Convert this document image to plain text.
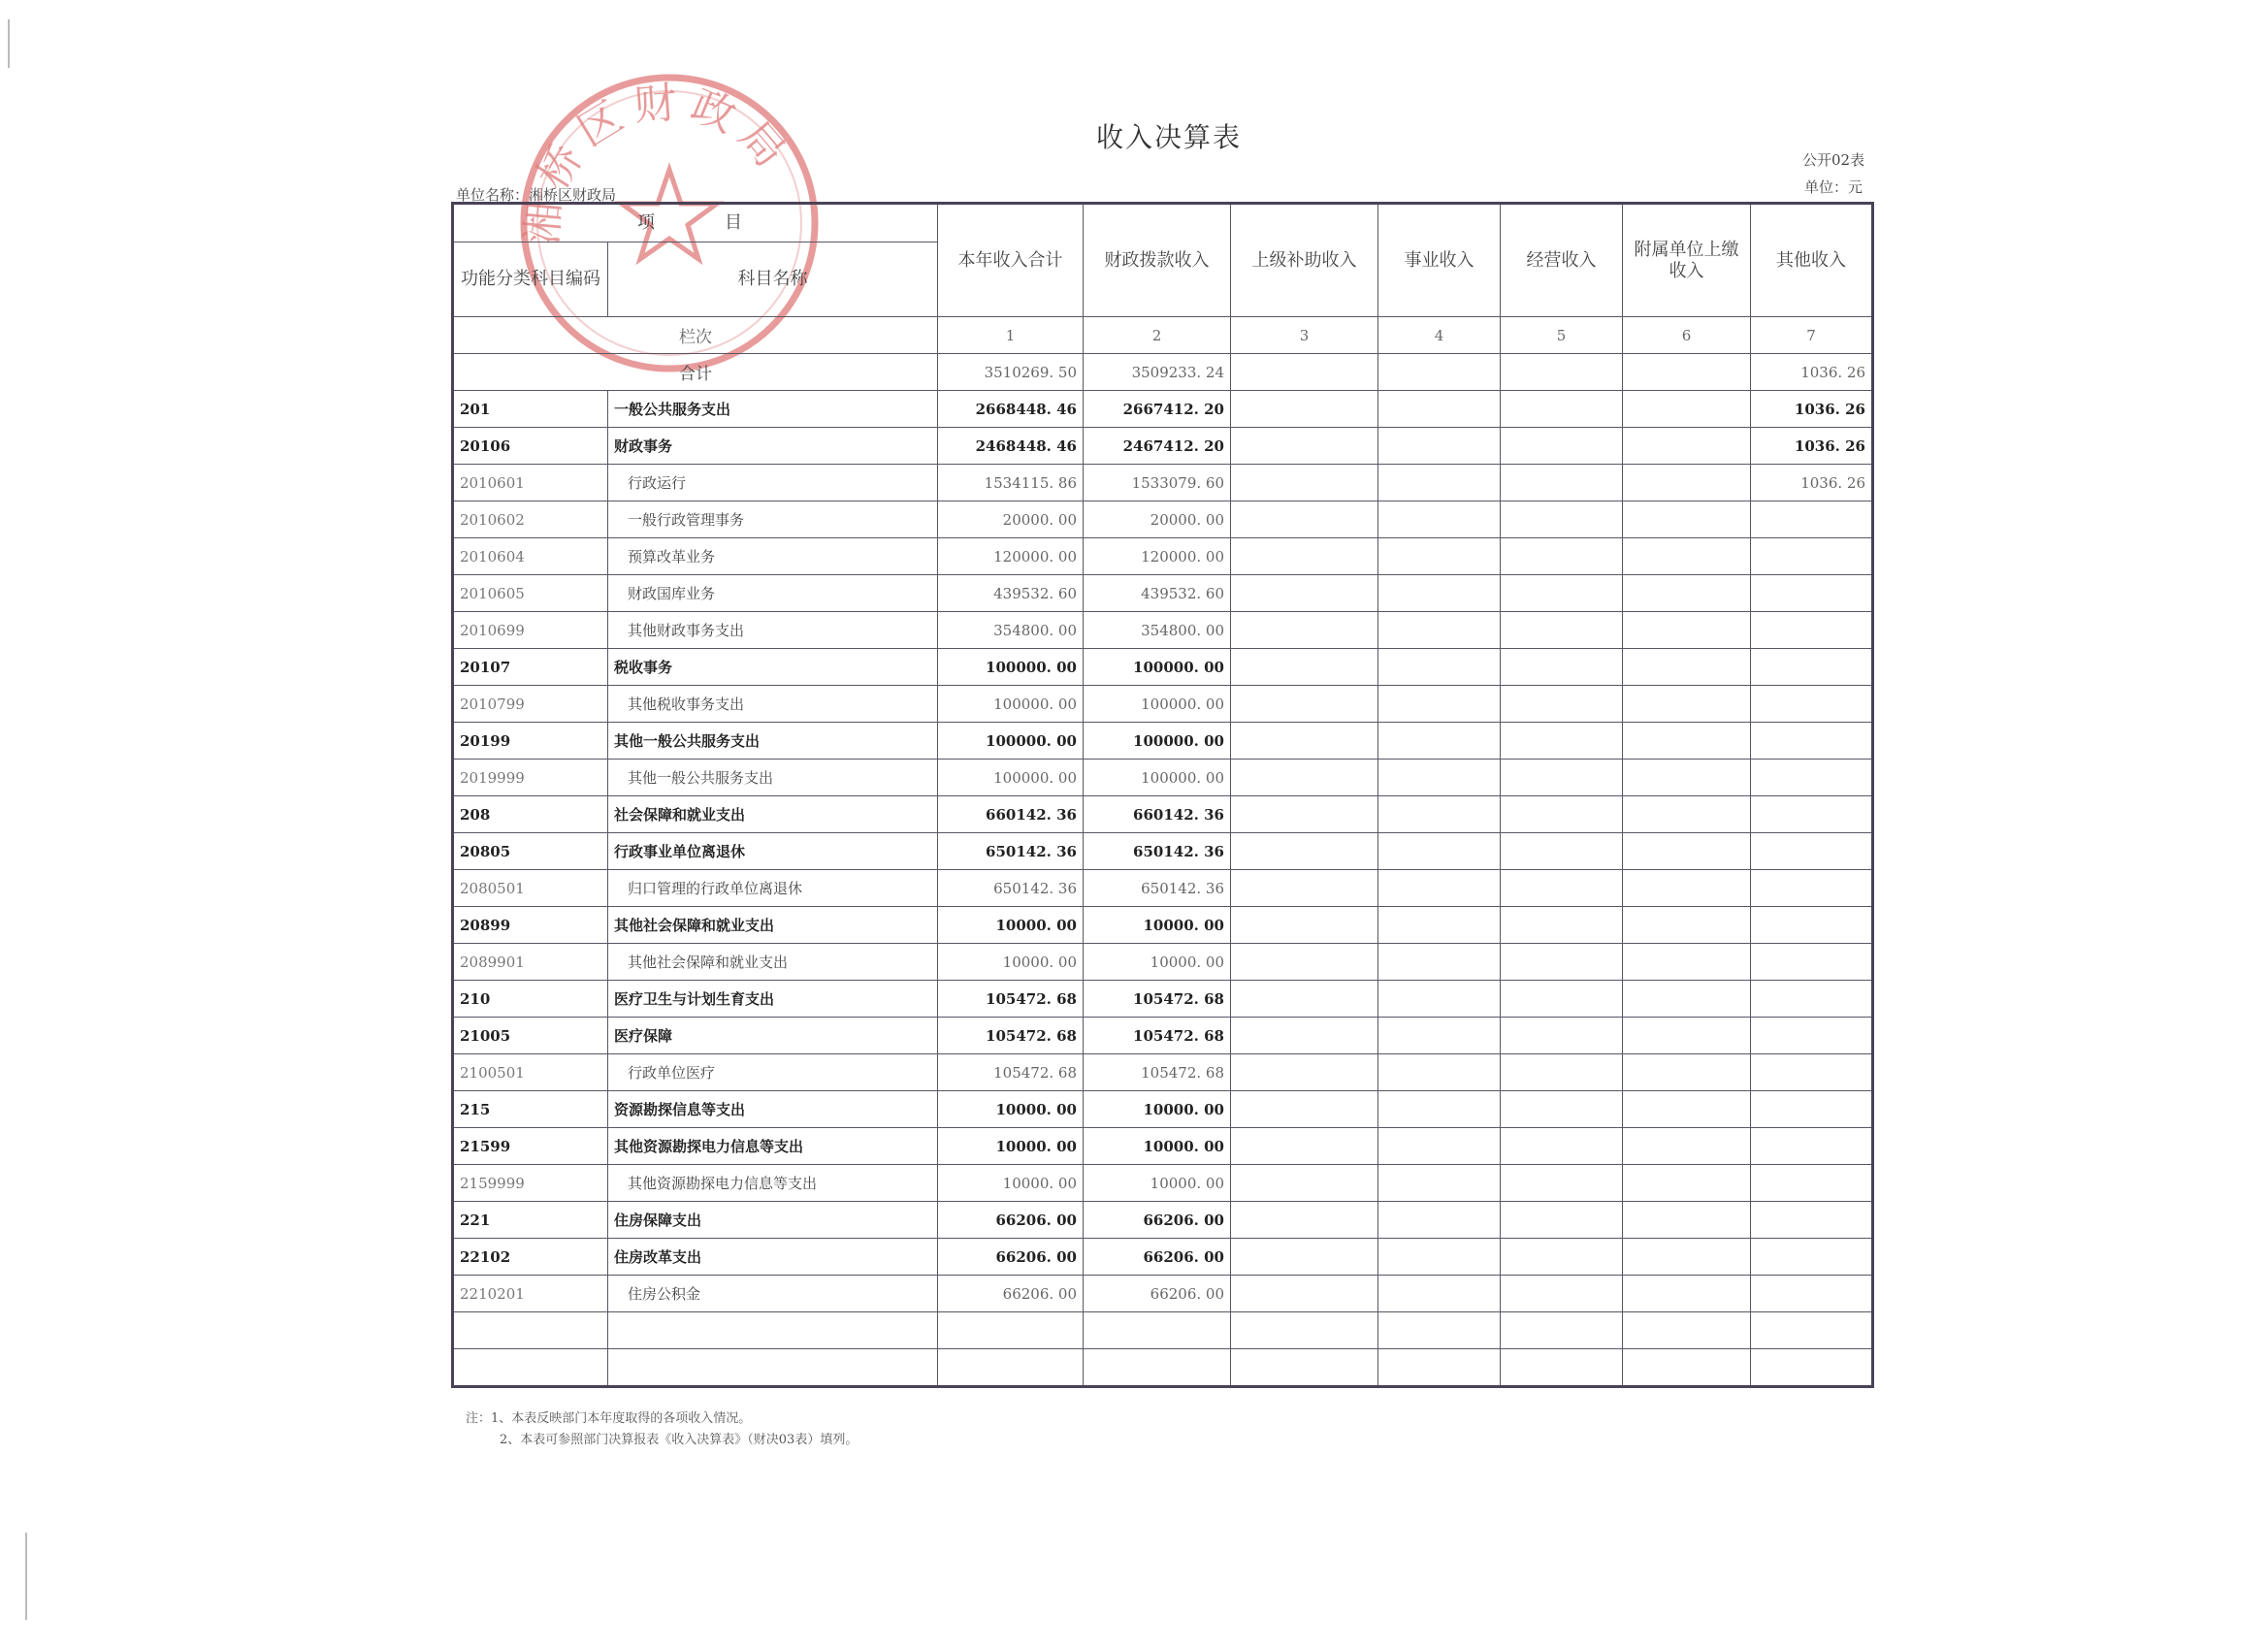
收入决算表
公开02表
单位：元
单位名称：湘桥区财政局
湘桥区财政局
项　　目		本年收入合计	财政拨款收入	上级补助收入	事业收入	经营收入	附属单位上缴收入	其他收入
功能分类科目编码	科目名称							
栏次		1	2	3	4	5	6	7
合计		3510269. 50	3509233. 24					1036. 26
201	一般公共服务支出	2668448. 46	2667412. 20					1036. 26
20106	财政事务	2468448. 46	2467412. 20					1036. 26
2010601	行政运行	1534115. 86	1533079. 60					1036. 26
2010602	一般行政管理事务	20000. 00	20000. 00					
2010604	预算改革业务	120000. 00	120000. 00					
2010605	财政国库业务	439532. 60	439532. 60					
2010699	其他财政事务支出	354800. 00	354800. 00					
20107	税收事务	100000. 00	100000. 00					
2010799	其他税收事务支出	100000. 00	100000. 00					
20199	其他一般公共服务支出	100000. 00	100000. 00					
2019999	其他一般公共服务支出	100000. 00	100000. 00					
208	社会保障和就业支出	660142. 36	660142. 36					
20805	行政事业单位离退休	650142. 36	650142. 36					
2080501	归口管理的行政单位离退休	650142. 36	650142. 36					
20899	其他社会保障和就业支出	10000. 00	10000. 00					
2089901	其他社会保障和就业支出	10000. 00	10000. 00					
210	医疗卫生与计划生育支出	105472. 68	105472. 68					
21005	医疗保障	105472. 68	105472. 68					
2100501	行政单位医疗	105472. 68	105472. 68					
215	资源勘探信息等支出	10000. 00	10000. 00					
21599	其他资源勘探电力信息等支出	10000. 00	10000. 00					
2159999	其他资源勘探电力信息等支出	10000. 00	10000. 00					
221	住房保障支出	66206. 00	66206. 00					
22102	住房改革支出	66206. 00	66206. 00					
2210201	住房公积金	66206. 00	66206. 00					

注：1、本表反映部门本年度取得的各项收入情况。
2、本表可参照部门决算报表《收入决算表》（财决03表）填列。
